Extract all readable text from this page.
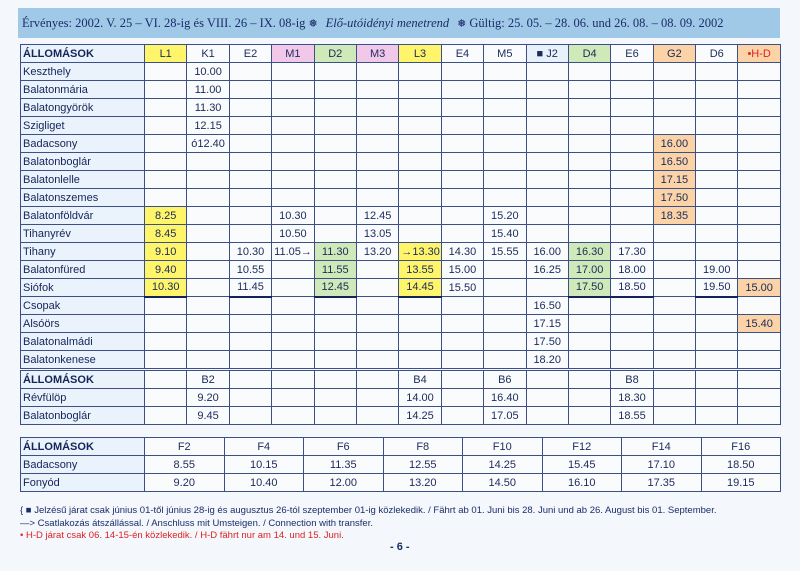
Érvényes: 2002. V. 25 – VI. 28-ig és VIII. 26 – IX. 08-ig ❅ Elő-utóidényi menetrend ❅ Gültig: 25. 05. – 28. 06. und 26. 08. – 08. 09. 2002
ÁLLOMÁSOK	L1	K1	E2	M1	D2	M3	L3	E4	M5	■ J2	D4	E6	G2	D6	•H-D
Keszthely		10.00													
Balatonmária		11.00													
Balatongyörök		11.30													
Szigliget		12.15													
Badacsony		ó12.40											16.00		
Balatonboglár													16.50		
Balatonlelle													17.15		
Balatonszemes													17.50		
Balatonföldvár	8.25			10.30		12.45			15.20				18.35		
Tihanyrév	8.45			10.50		13.05			15.40						
Tihany	9.10		10.30	11.05→	11.30	13.20	→13.30	14.30	15.55	16.00	16.30	17.30			
Balatonfüred	9.40		10.55		11.55		13.55	15.00		16.25	17.00	18.00		19.00	
Siófok	10.30		11.45		12.45		14.45	15.50			17.50	18.50		19.50	15.00
Csopak										16.50					
Alsóörs										17.15					15.40
Balatonalmádi										17.50					
Balatonkenese										18.20					
ÁLLOMÁSOK		B2					B4		B6			B8			
Révfülöp		9.20					14.00		16.40			18.30			
Balatonboglár		9.45					14.25		17.05			18.55			
ÁLLOMÁSOK	F2	F4	F6	F8	F10	F12	F14	F16
Badacsony	8.55	10.15	11.35	12.55	14.25	15.45	17.10	18.50
Fonyód	9.20	10.40	12.00	13.20	14.50	16.10	17.35	19.15
{ ■ Jelzésű járat csak június 01-től június 28-ig és augusztus 26-tól szeptember 01-ig közlekedik. / Fährt ab 01. Juni bis 28. Juni und ab 26. August bis 01. September.
—> Csatlakozás átszállással. / Anschluss mit Umsteigen. / Connection with transfer.
• H-D járat csak 06. 14-15-én közlekedik. / H-D fährt nur am 14. und 15. Juni.
- 6 -
